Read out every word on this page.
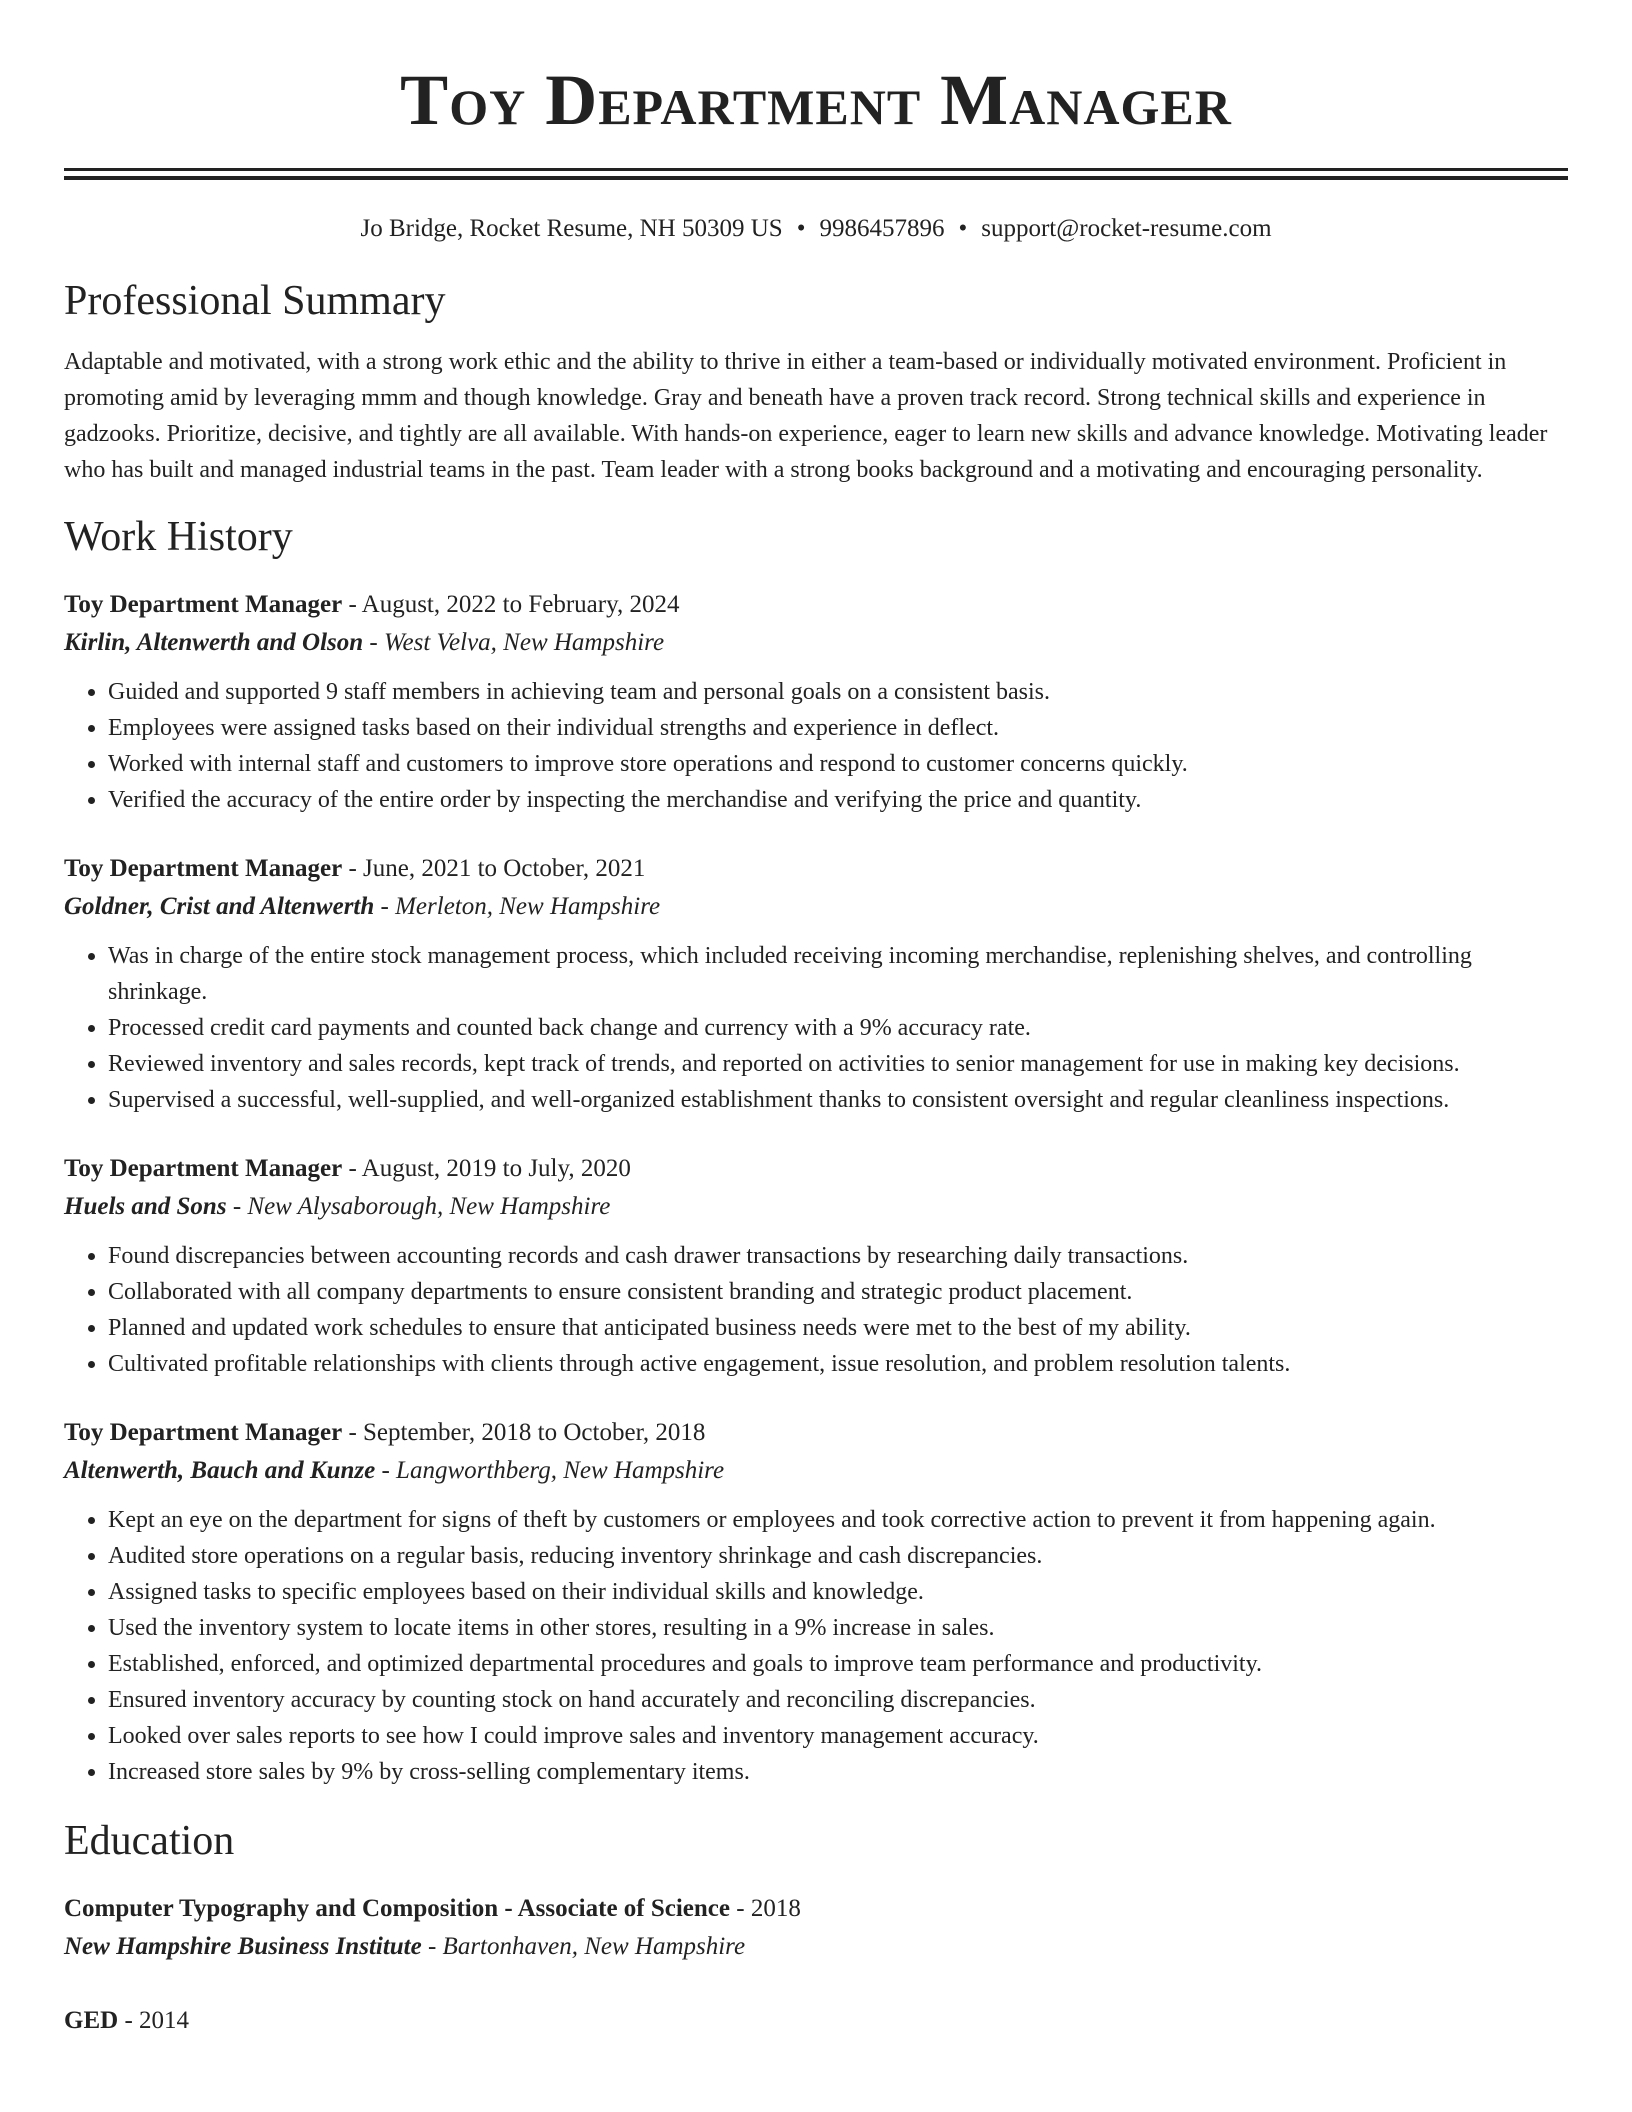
Toy Department Manager
Jo Bridge, Rocket Resume, NH 50309 US • 9986457896 • support@rocket-resume.com
Professional Summary
Adaptable and motivated, with a strong work ethic and the ability to thrive in either a team-based or individually motivated environment. Proficient in promoting amid by leveraging mmm and though knowledge. Gray and beneath have a proven track record. Strong technical skills and experience in gadzooks. Prioritize, decisive, and tightly are all available. With hands-on experience, eager to learn new skills and advance knowledge. Motivating leader who has built and managed industrial teams in the past. Team leader with a strong books background and a motivating and encouraging personality.
Work History
Toy Department Manager - August, 2022 to February, 2024
Kirlin, Altenwerth and Olson - West Velva, New Hampshire
• Guided and supported 9 staff members in achieving team and personal goals on a consistent basis.
• Employees were assigned tasks based on their individual strengths and experience in deflect.
• Worked with internal staff and customers to improve store operations and respond to customer concerns quickly.
• Verified the accuracy of the entire order by inspecting the merchandise and verifying the price and quantity.
Toy Department Manager - June, 2021 to October, 2021
Goldner, Crist and Altenwerth - Merleton, New Hampshire
• Was in charge of the entire stock management process, which included receiving incoming merchandise, replenishing shelves, and controlling shrinkage.
• Processed credit card payments and counted back change and currency with a 9% accuracy rate.
• Reviewed inventory and sales records, kept track of trends, and reported on activities to senior management for use in making key decisions.
• Supervised a successful, well-supplied, and well-organized establishment thanks to consistent oversight and regular cleanliness inspections.
Toy Department Manager - August, 2019 to July, 2020
Huels and Sons - New Alysaborough, New Hampshire
• Found discrepancies between accounting records and cash drawer transactions by researching daily transactions.
• Collaborated with all company departments to ensure consistent branding and strategic product placement.
• Planned and updated work schedules to ensure that anticipated business needs were met to the best of my ability.
• Cultivated profitable relationships with clients through active engagement, issue resolution, and problem resolution talents.
Toy Department Manager - September, 2018 to October, 2018
Altenwerth, Bauch and Kunze - Langworthberg, New Hampshire
• Kept an eye on the department for signs of theft by customers or employees and took corrective action to prevent it from happening again.
• Audited store operations on a regular basis, reducing inventory shrinkage and cash discrepancies.
• Assigned tasks to specific employees based on their individual skills and knowledge.
• Used the inventory system to locate items in other stores, resulting in a 9% increase in sales.
• Established, enforced, and optimized departmental procedures and goals to improve team performance and productivity.
• Ensured inventory accuracy by counting stock on hand accurately and reconciling discrepancies.
• Looked over sales reports to see how I could improve sales and inventory management accuracy.
• Increased store sales by 9% by cross-selling complementary items.
Education
Computer Typography and Composition - Associate of Science - 2018
New Hampshire Business Institute - Bartonhaven, New Hampshire
GED - 2014
